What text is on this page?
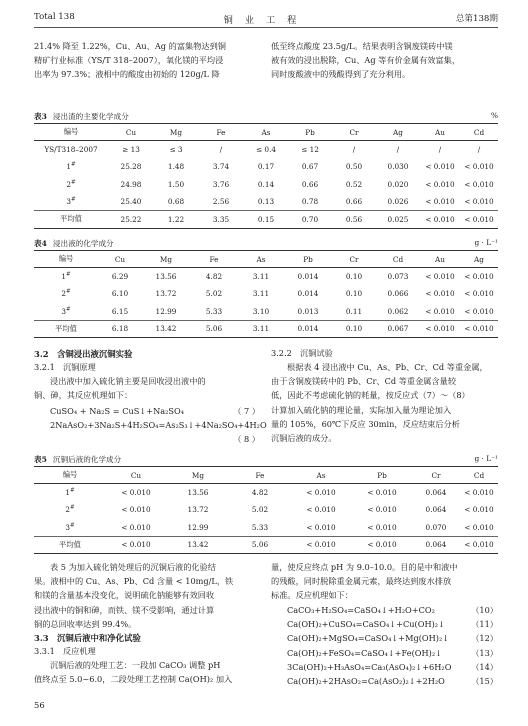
Total 138	铜业工程	总第138期
21.4% 降至 1.22%，Cu、Au、Ag 的富集物达到铜
精矿行业标准（YS/T 318–2007），氧化镁的平均浸
出率为 97.3%；液相中的酸度由初始的 120g/L 降
低至终点酸度 23.5g/L。结果表明含铜废镁砖中镁
被有效的浸出脱除，Cu、Ag 等有价金属有效富集，
同时废酸液中的残酸得到了充分利用。
表3 浸出渣的主要化学成分	%
编号	Cu	Mg	Fe	As	Pb	Cr	Ag	Au	Cd
YS/T318–2007	≥ 13	≤ 3	/	≤ 0.4	≤ 12	/	/	/	/
1#	25.28	1.48	3.74	0.17	0.67	0.50	0.030	< 0.010	< 0.010
2#	24.98	1.50	3.76	0.14	0.66	0.52	0.020	< 0.010	< 0.010
3#	25.40	0.68	2.56	0.13	0.78	0.66	0.026	< 0.010	< 0.010
平均值	25.22	1.22	3.35	0.15	0.70	0.56	0.025	< 0.010	< 0.010
表4 浸出液的化学成分	g · L⁻¹
编号	Cu	Mg	Fe	As	Pb	Cr	Cd	Au	Ag
1#	6.29	13.56	4.82	3.11	0.014	0.10	0.073	< 0.010	< 0.010
2#	6.10	13.72	5.02	3.11	0.014	0.10	0.066	< 0.010	< 0.010
3#	6.15	12.99	5.33	3.10	0.013	0.11	0.062	< 0.010	< 0.010
平均值	6.18	13.42	5.06	3.11	0.014	0.10	0.067	< 0.010	< 0.010
3.2　含铜浸出液沉铜实验
3.2.1　沉铜原理
浸出液中加入硫化钠主要是回收浸出液中的
铜、砷，其反应机理如下：
CuSO₄ + Na₂S = CuS↓+Na₂SO₄	（ 7 ）
2NaAsO₂+3Na₂S+4H₂SO₄=As₂S₃↓+4Na₂SO₄+4H₂O
（ 8 ）

3.2.2　沉铜试验
根据表 4 浸出液中 Cu、As、Pb、Cr、Cd 等重金属，
由于含铜废镁砖中的 Pb、Cr、Cd 等重金属含量较
低，因此不考虑硫化钠的耗量，按反应式（7）～（8）
计算加入硫化钠的理论量，实际加入量为理论加入
量的 105%，60℃下反应 30min，反应结束后分析
沉铜后液的成分。
表5 沉铜后液的化学成分	g · L⁻¹
编号	Cu	Mg	Fe	As	Pb	Cr	Cd
1#	< 0.010	13.56	4.82	< 0.010	< 0.010	0.064	< 0.010
2#	< 0.010	13.72	5.02	< 0.010	< 0.010	0.064	< 0.010
3#	< 0.010	12.99	5.33	< 0.010	< 0.010	0.070	< 0.010
平均值	< 0.010	13.42	5.06	< 0.010	< 0.010	0.064	< 0.010
表 5 为加入硫化钠处理后的沉铜后液的化验结
果。液相中的 Cu、As、Pb、Cd 含量 < 10mg/L，铁
和镁的含量基本没变化，说明硫化钠能够有效回收
浸出液中的铜和砷，而铁、镁不受影响，通过计算
铜的总回收率达到 99.4%。
3.3　沉铜后液中和净化试验
3.3.1　反应机理
沉铜后液的处理工艺：一段加 CaCO₃ 调整 pH
值终点至 5.0~6.0，二段处理工艺控制 Ca(OH)₂ 加入
量，使反应终点 pH 为 9.0–10.0。目的是中和液中
的残酸，同时脱除重金属元素，最终达到废水排放
标准。反应机理如下：
CaCO₃+H₂SO₄=CaSO₄↓+H₂O+CO₂	（10）
Ca(OH)₂+CuSO₄=CaSO₄↓+Cu(OH)₂↓	（11）
Ca(OH)₂+MgSO₄=CaSO₄↓+Mg(OH)₂↓	（12）
Ca(OH)₂+FeSO₄=CaSO₄↓+Fe(OH)₂↓	（13）
3Ca(OH)₂+H₃AsO₄=Ca₃(AsO₄)₂↓+6H₂O （14）
Ca(OH)₂+2HAsO₂=Ca(AsO₂)₂↓+2H₂O	（15）
56
